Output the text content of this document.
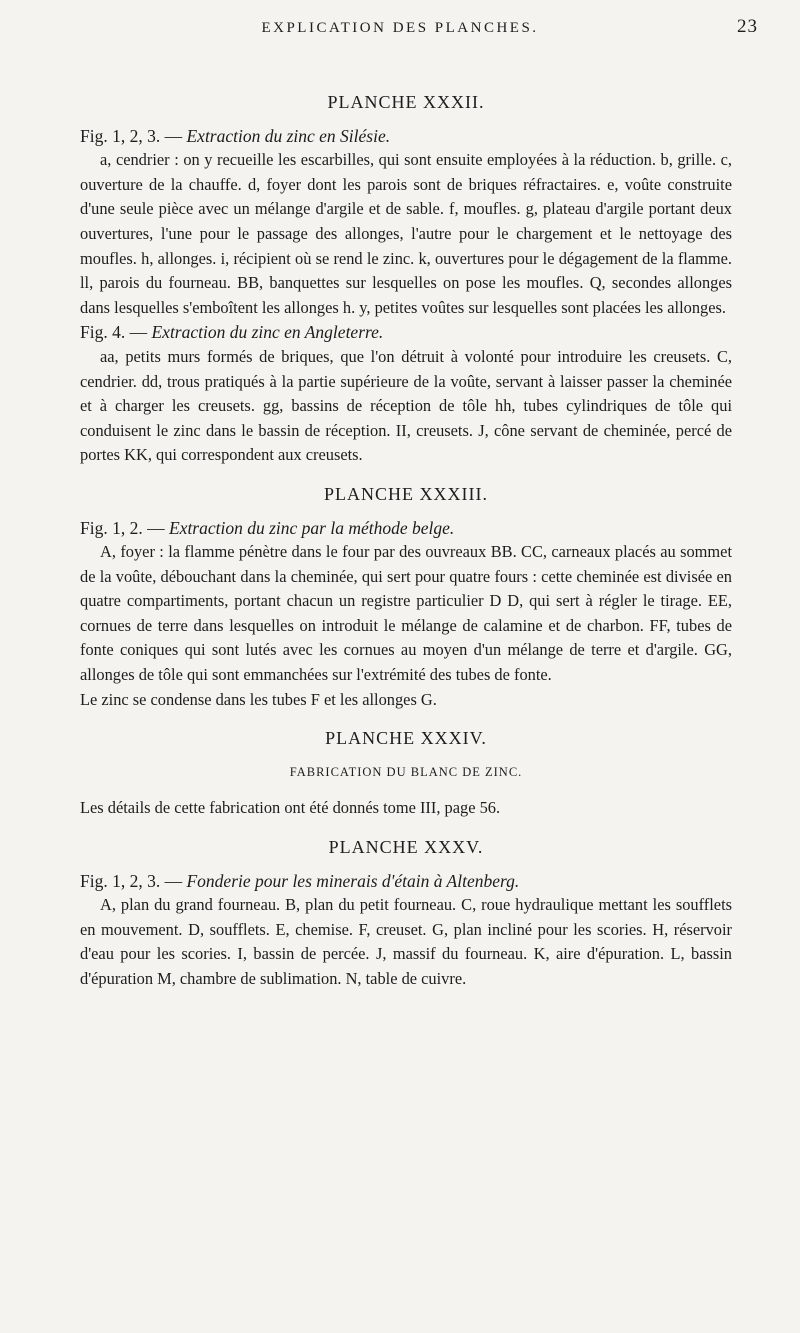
EXPLICATION DES PLANCHES.	23
PLANCHE XXXII.
Fig. 1, 2, 3. — Extraction du zinc en Silésie.

a, cendrier : on y recueille les escarbilles, qui sont ensuite employées à la réduction. b, grille. c, ouverture de la chauffe. d, foyer dont les parois sont de briques réfractaires. e, voûte construite d'une seule pièce avec un mélange d'argile et de sable. f, moufles. g, plateau d'argile portant deux ouvertures, l'une pour le passage des allonges, l'autre pour le chargement et le nettoyage des moufles. h, allonges. i, récipient où se rend le zinc. k, ouvertures pour le dégagement de la flamme. ll, parois du fourneau. BB, banquettes sur lesquelles on pose les moufles. Q, secondes allonges dans lesquelles s'emboîtent les allonges h. y, petites voûtes sur lesquelles sont placées les allonges.

Fig. 4. — Extraction du zinc en Angleterre.

aa, petits murs formés de briques, que l'on détruit à volonté pour introduire les creusets. C, cendrier. dd, trous pratiqués à la partie supérieure de la voûte, servant à laisser passer la cheminée et à charger les creusets. gg, bassins de réception de tôle hh, tubes cylindriques de tôle qui conduisent le zinc dans le bassin de réception. II, creusets. J, cône servant de cheminée, percé de portes KK, qui correspondent aux creusets.

PLANCHE XXXIII.
Fig. 1, 2. — Extraction du zinc par la méthode belge.

A, foyer : la flamme pénètre dans le four par des ouvreaux BB. CC, carneaux placés au sommet de la voûte, débouchant dans la cheminée, qui sert pour quatre fours : cette cheminée est divisée en quatre compartiments, portant chacun un registre particulier D D, qui sert à régler le tirage. EE, cornues de terre dans lesquelles on introduit le mélange de calamine et de charbon. FF, tubes de fonte coniques qui sont lutés avec les cornues au moyen d'un mélange de terre et d'argile. GG, allonges de tôle qui sont emmanchées sur l'extrémité des tubes de fonte.

Le zinc se condense dans les tubes F et les allonges G.

PLANCHE XXXIV.
FABRICATION DU BLANC DE ZINC.

Les détails de cette fabrication ont été donnés tome III, page 56.

PLANCHE XXXV.
Fig. 1, 2, 3. — Fonderie pour les minerais d'étain à Altenberg.

A, plan du grand fourneau. B, plan du petit fourneau. C, roue hydraulique mettant les soufflets en mouvement. D, soufflets. E, chemise. F, creuset. G, plan incliné pour les scories. H, réservoir d'eau pour les scories. I, bassin de percée. J, massif du fourneau. K, aire d'épuration. L, bassin d'épuration M, chambre de sublimation. N, table de cuivre.
